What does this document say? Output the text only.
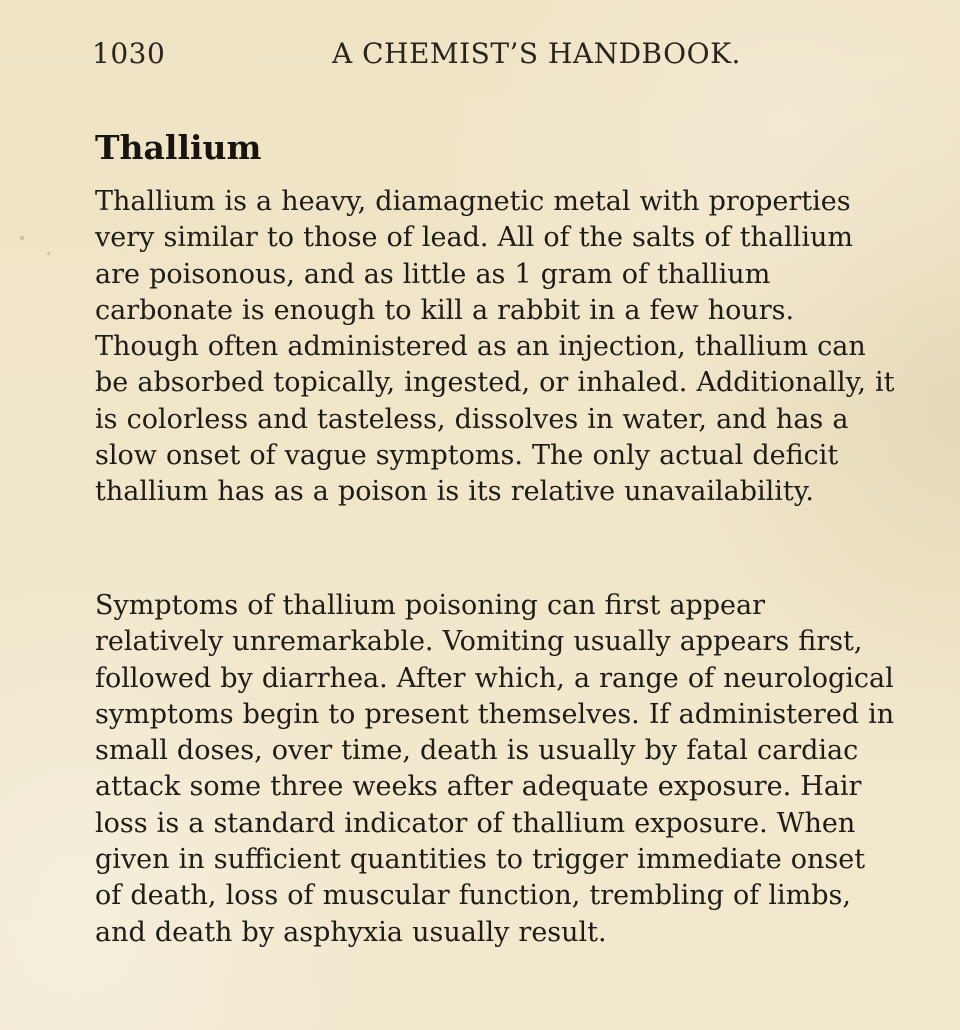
1030	A CHEMIST’S HANDBOOK.
Thallium

Thallium is a heavy, diamagnetic metal with properties very similar to those of lead. All of the salts of thallium are poisonous, and as little as 1 gram of thallium carbonate is enough to kill a rabbit in a few hours. Though often administered as an injection, thallium can be absorbed topically, ingested, or inhaled. Additionally, it is colorless and tasteless, dissolves in water, and has a slow onset of vague symptoms. The only actual deficit thallium has as a poison is its relative unavailability.

Symptoms of thallium poisoning can first appear relatively unremarkable. Vomiting usually appears first, followed by diarrhea. After which, a range of neurological symptoms begin to present themselves. If administered in small doses, over time, death is usually by fatal cardiac attack some three weeks after adequate exposure. Hair loss is a standard indicator of thallium exposure. When given in sufficient quantities to trigger immediate onset of death, loss of muscular function, trembling of limbs, and death by asphyxia usually result.
